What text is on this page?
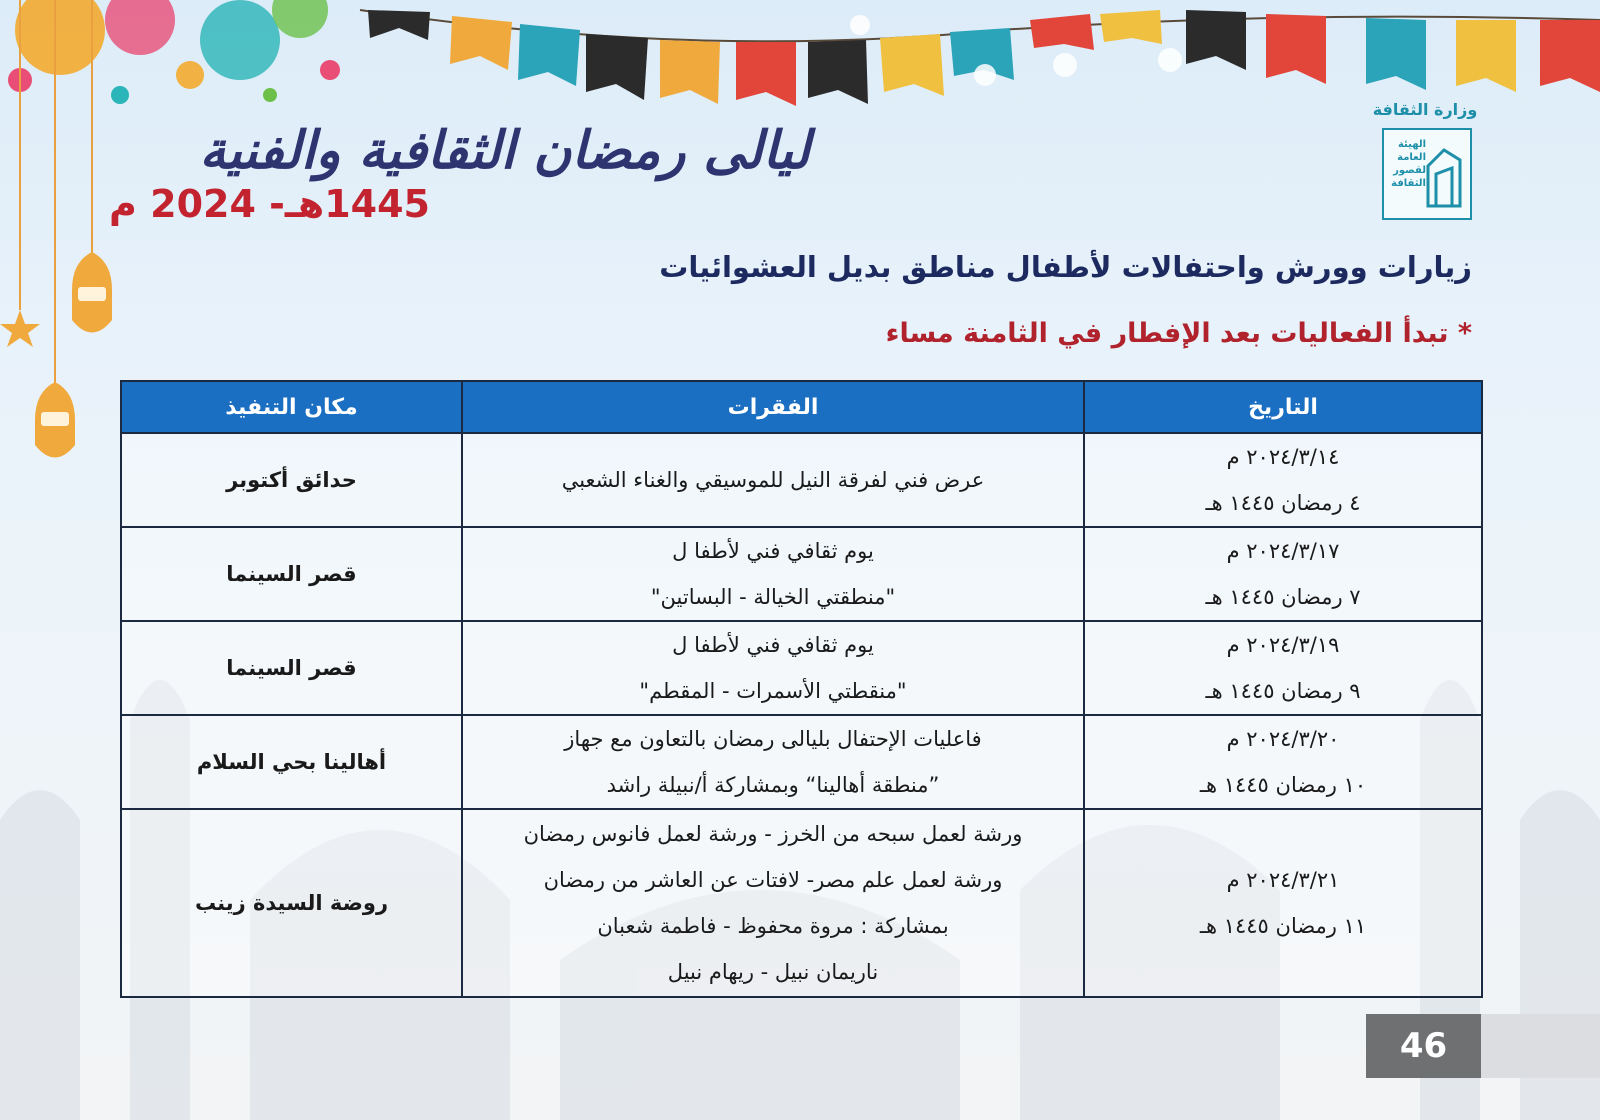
ليالى رمضان الثقافية والفنية
1445هـ- 2024 م
وزارة الثقافة
الهيئة العامة لقصور الثقافة
زيارات وورش واحتفالات لأطفال مناطق بديل العشوائيات
* تبدأ الفعاليات بعد الإفطار في الثامنة مساء
التاريخ	الفقرات	مكان التنفيذ

٢٠٢٤/٣/١٤ م
٤ رمضان ١٤٤٥ هـ	عرض فني لفرقة النيل للموسيقي والغناء الشعبي	حدائق أكتوبر

٢٠٢٤/٣/١٧ م
٧ رمضان ١٤٤٥ هـ	يوم ثقافي فني لأطفا ل
"منطقتي الخيالة - البساتين"	قصر السينما

٢٠٢٤/٣/١٩ م
٩ رمضان ١٤٤٥ هـ	يوم ثقافي فني لأطفا ل
"منقطتي الأسمرات - المقطم"	قصر السينما

٢٠٢٤/٣/٢٠ م
١٠ رمضان ١٤٤٥ هـ	فاعليات الإحتفال بليالى رمضان بالتعاون مع جهاز
”منطقة أهالينا“ وبمشاركة أ/نبيلة راشد	أهالينا بحي السلام

٢٠٢٤/٣/٢١ م
١١ رمضان ١٤٤٥ هـ	ورشة لعمل سبحه من الخرز - ورشة لعمل فانوس رمضان
ورشة لعمل علم مصر- لافتات عن العاشر من رمضان
بمشاركة : مروة محفوظ - فاطمة شعبان
ناريمان نبيل - ريهام نبيل	روضة السيدة زينب
46
